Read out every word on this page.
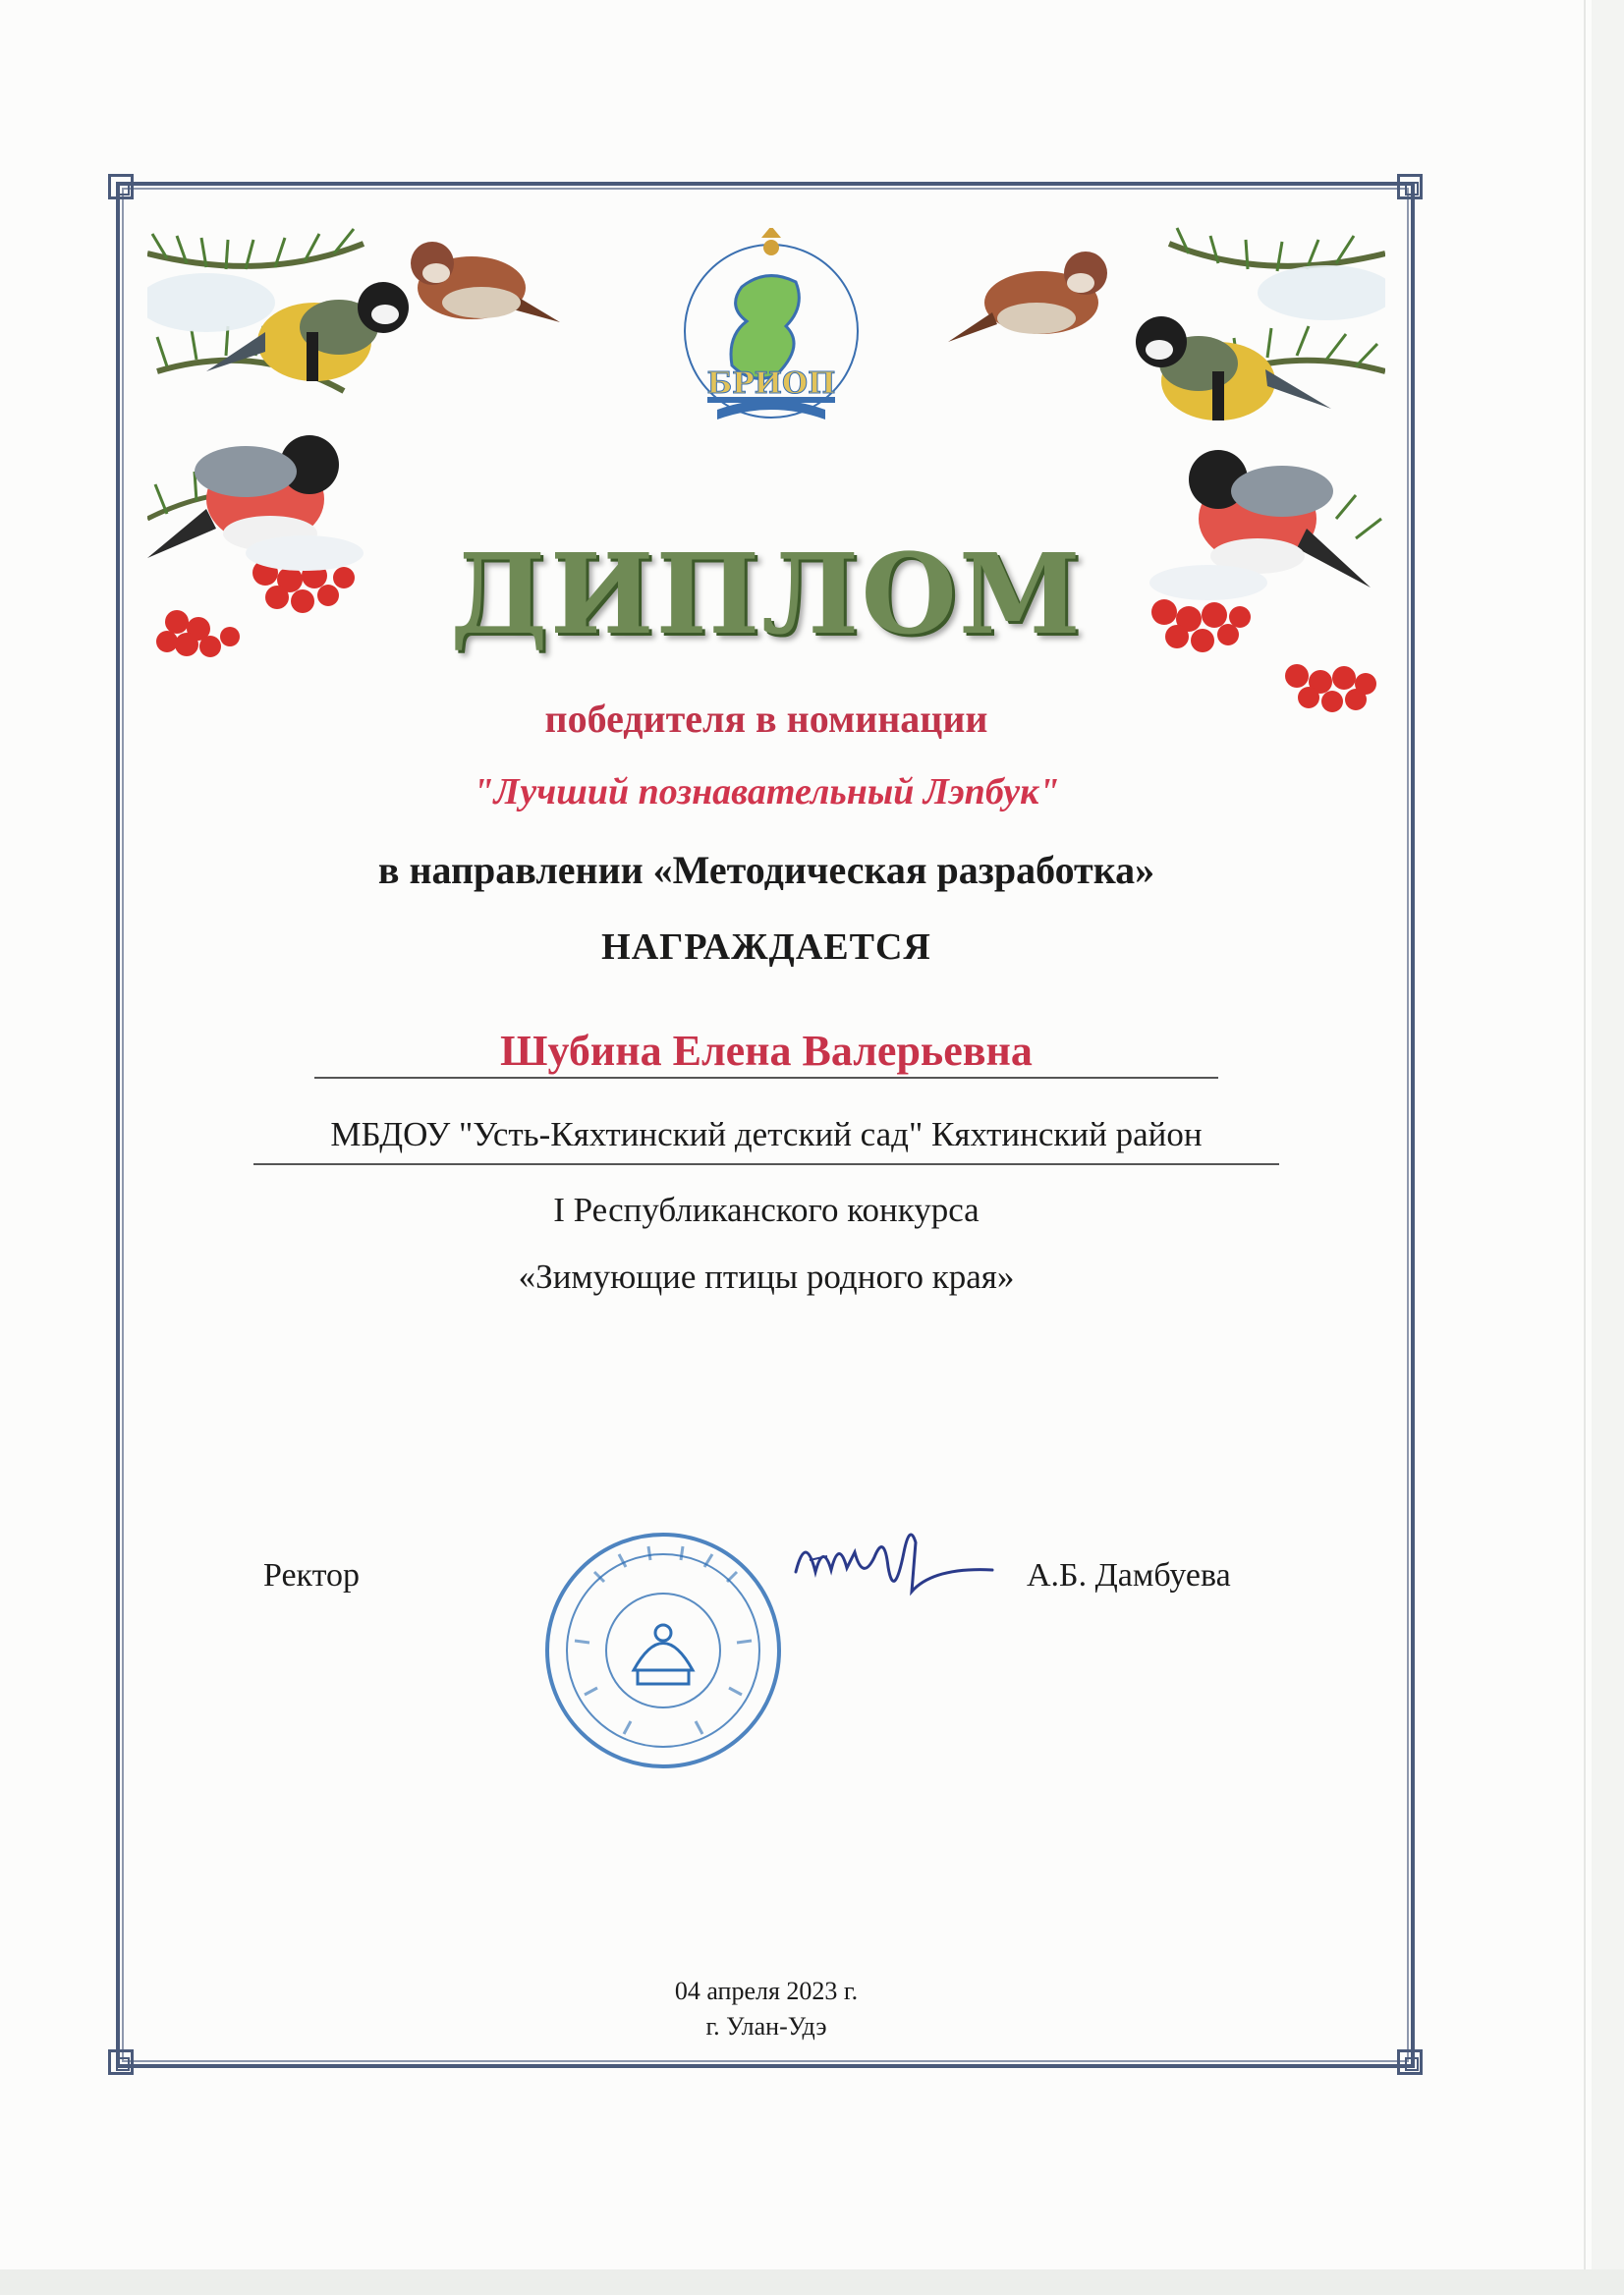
БРИОП
ДИПЛОМ
победителя в номинации
"Лучший познавательный Лэпбук"
в направлении «Методическая разработка»
НАГРАЖДАЕТСЯ
Шубина Елена Валерьевна
МБДОУ "Усть-Кяхтинский детский сад" Кяхтинский район
I Республиканского конкурса
«Зимующие птицы родного края»
Ректор	А.Б. Дамбуева
04 апреля 2023 г.
г. Улан-Удэ
